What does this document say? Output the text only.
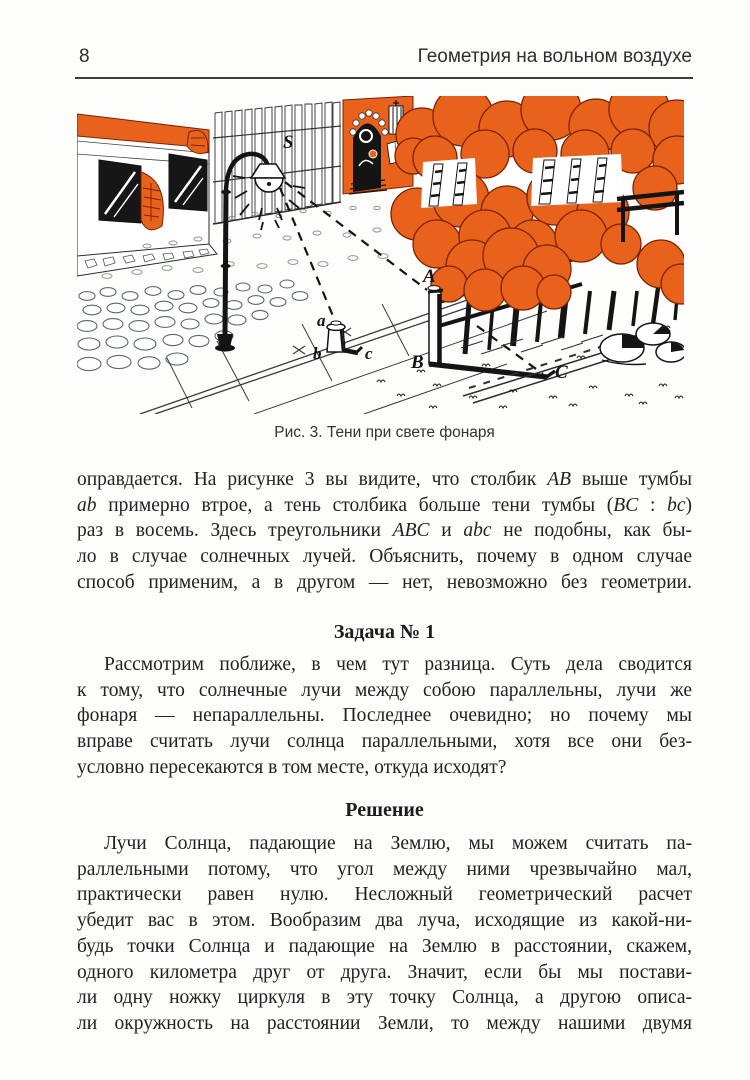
8	Геометрия на вольном воздухе
S
A
B	C
a
b	c
Рис. 3. Тени при свете фонаря
оправдается. На рисунке 3 вы видите, что столбик AB выше тумбы
ab примерно втрое, а тень столбика больше тени тумбы (BC : bc)
раз в восемь. Здесь треугольники ABC и abc не подобны, как бы-
ло в случае солнечных лучей. Объяснить, почему в одном случае
способ применим, а в другом — нет, невозможно без геометрии.
Задача № 1
Рассмотрим поближе, в чем тут разница. Суть дела сводится
к тому, что солнечные лучи между собою параллельны, лучи же
фонаря — непараллельны. Последнее очевидно; но почему мы
вправе считать лучи солнца параллельными, хотя все они без-
условно пересекаются в том месте, откуда исходят?
Решение
Лучи Солнца, падающие на Землю, мы можем считать па-
раллельными потому, что угол между ними чрезвычайно мал,
практически равен нулю. Несложный геометрический расчет
убедит вас в этом. Вообразим два луча, исходящие из какой-ни-
будь точки Солнца и падающие на Землю в расстоянии, скажем,
одного километра друг от друга. Значит, если бы мы постави-
ли одну ножку циркуля в эту точку Солнца, а другою описа-
ли окружность на расстоянии Земли, то между нашими двумя
